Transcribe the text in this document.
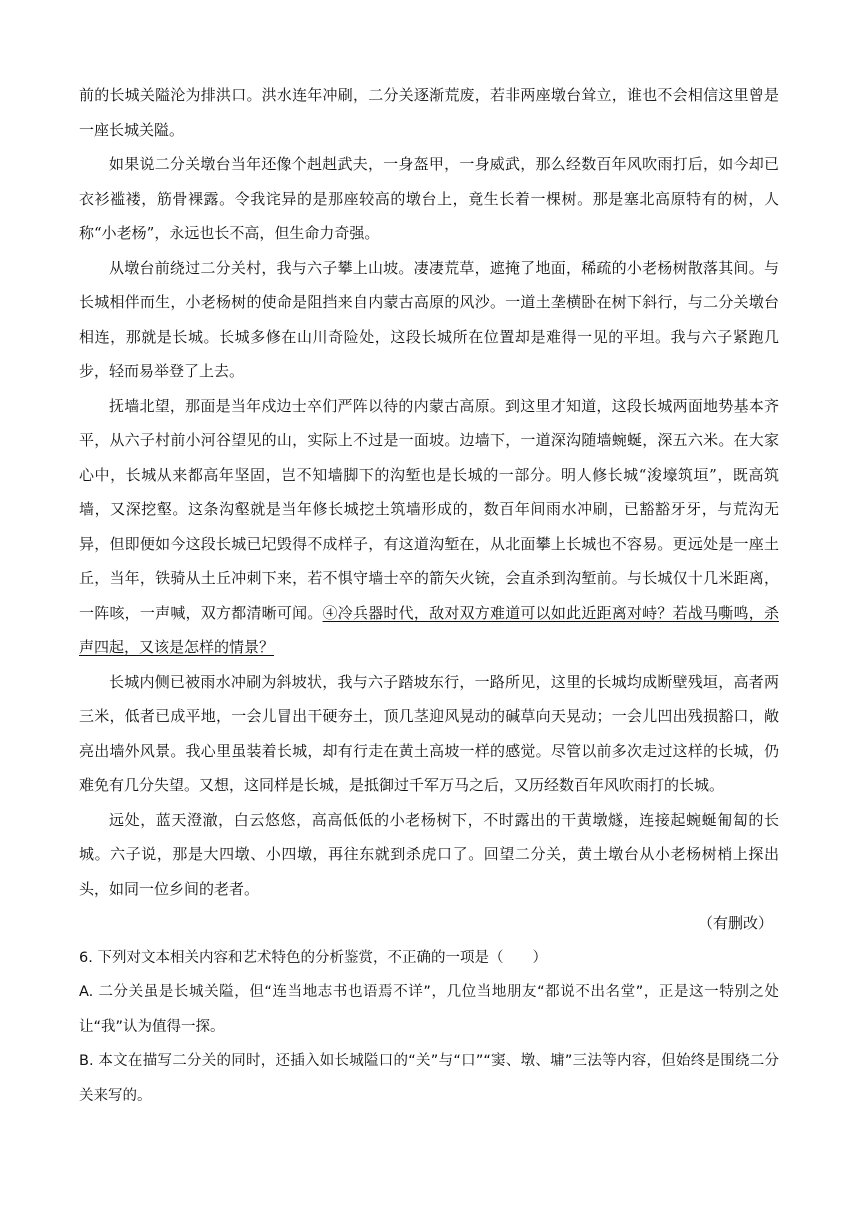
前的长城关隘沦为排洪口。洪水连年冲刷，二分关逐渐荒废，若非两座墩台耸立，谁也不会相信这里曾是一座长城关隘。

如果说二分关墩台当年还像个赳赳武夫，一身盔甲，一身威武，那么经数百年风吹雨打后，如今却已衣衫褴褛，筋骨裸露。令我诧异的是那座较高的墩台上，竟生长着一棵树。那是塞北高原特有的树，人称“小老杨”，永远也长不高，但生命力奇强。

从墩台前绕过二分关村，我与六子攀上山坡。凄凄荒草，遮掩了地面，稀疏的小老杨树散落其间。与长城相伴而生，小老杨树的使命是阻挡来自内蒙古高原的风沙。一道土垄横卧在树下斜行，与二分关墩台相连，那就是长城。长城多修在山川奇险处，这段长城所在位置却是难得一见的平坦。我与六子紧跑几步，轻而易举登了上去。

抚墙北望，那面是当年戍边士卒们严阵以待的内蒙古高原。到这里才知道，这段长城两面地势基本齐平，从六子村前小河谷望见的山，实际上不过是一面坡。边墙下，一道深沟随墙蜿蜒，深五六米。在大家心中，长城从来都高年坚固，岂不知墙脚下的沟堑也是长城的一部分。明人修长城“浚壕筑垣”，既高筑墙，又深挖壑。这条沟壑就是当年修长城挖土筑墙形成的，数百年间雨水冲刷，已豁豁牙牙，与荒沟无异，但即便如今这段长城已圮毁得不成样子，有这道沟堑在，从北面攀上长城也不容易。更远处是一座土丘，当年，铁骑从土丘冲刺下来，若不惧守墙士卒的箭矢火铳，会直杀到沟堑前。与长城仅十几米距离，一阵咳，一声喊，双方都清晰可闻。④冷兵器时代，敌对双方难道可以如此近距离对峙？若战马嘶鸣，杀声四起，又该是怎样的情景？

长城内侧已被雨水冲刷为斜坡状，我与六子踏坡东行，一路所见，这里的长城均成断壁残垣，高者两三米，低者已成平地，一会儿冒出干硬夯土，顶几茎迎风晃动的碱草向天晃动；一会儿凹出残损豁口，敞亮出墙外风景。我心里虽装着长城，却有行走在黄土高坡一样的感觉。尽管以前多次走过这样的长城，仍难免有几分失望。又想，这同样是长城，是抵御过千军万马之后，又历经数百年风吹雨打的长城。

远处，蓝天澄澈，白云悠悠，高高低低的小老杨树下，不时露出的干黄墩燧，连接起蜿蜒匍匐的长城。六子说，那是大四墩、小四墩，再往东就到杀虎口了。回望二分关，黄土墩台从小老杨树梢上探出头，如同一位乡间的老者。

（有删改）

6. 下列对文本相关内容和艺术特色的分析鉴赏，不正确的一项是（　　）

A. 二分关虽是长城关隘，但“连当地志书也语焉不详”，几位当地朋友“都说不出名堂”，正是这一特别之处让“我”认为值得一探。

B. 本文在描写二分关的同时，还插入如长城隘口的“关”与“口”“窦、墩、墉”三法等内容，但始终是围绕二分关来写的。
